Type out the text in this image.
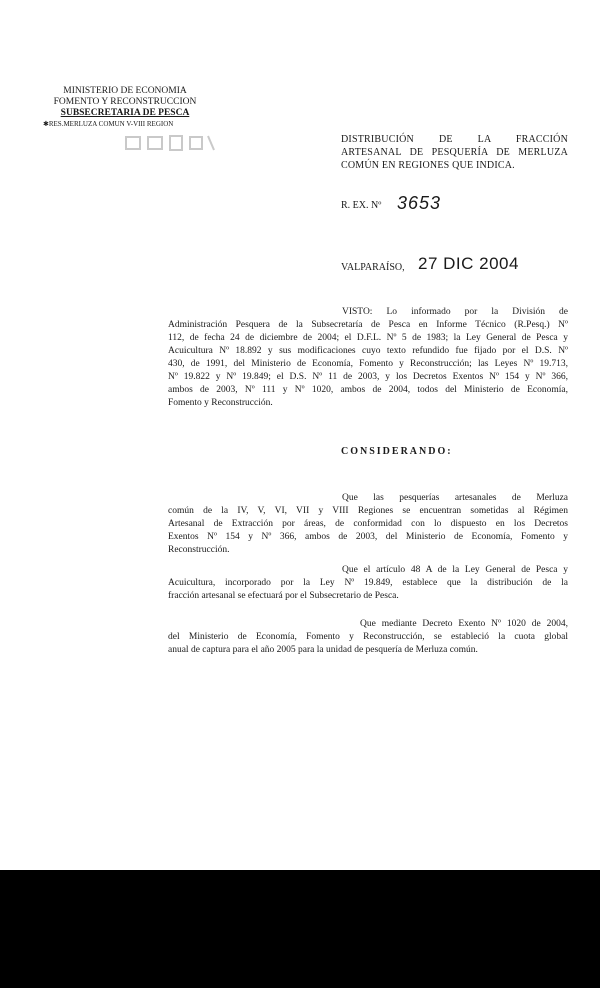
MINISTERIO DE ECONOMIA
FOMENTO Y RECONSTRUCCION
SUBSECRETARIA DE PESCA
✱RES.MERLUZA COMUN V-VIII REGION
DISTRIBUCIÓN DE LA FRACCIÓN
ARTESANAL DE PESQUERÍA DE MERLUZA
COMÚN EN REGIONES QUE INDICA.
R. EX. Nº 3653
VALPARAÍSO, 27 DIC 2004
VISTO: Lo informado por la División de
Administración Pesquera de la Subsecretaría de Pesca en Informe Técnico (R.Pesq.) Nº
112, de fecha 24 de diciembre de 2004; el D.F.L. Nº 5 de 1983; la Ley General de Pesca y
Acuicultura Nº 18.892 y sus modificaciones cuyo texto refundido fue fijado por el D.S. Nº
430, de 1991, del Ministerio de Economía, Fomento y Reconstrucción; las Leyes Nº 19.713,
Nº 19.822 y Nº 19.849; el D.S. Nº 11 de 2003, y los Decretos Exentos Nº 154 y Nº 366,
ambos de 2003, Nº 111 y Nº 1020, ambos de 2004, todos del Ministerio de Economía,
Fomento y Reconstrucción.
CONSIDERANDO:
Que las pesquerías artesanales de Merluza
común de la IV, V, VI, VII y VIII Regiones se encuentran sometidas al Régimen
Artesanal de Extracción por áreas, de conformidad con lo dispuesto en los Decretos
Exentos Nº 154 y Nº 366, ambos de 2003, del Ministerio de Economía, Fomento y
Reconstrucción.
Que el artículo 48 A de la Ley General de Pesca y
Acuicultura, incorporado por la Ley Nº 19.849, establece que la distribución de la
fracción artesanal se efectuará por el Subsecretario de Pesca.
Que mediante Decreto Exento Nº 1020 de 2004,
del Ministerio de Economía, Fomento y Reconstrucción, se estableció la cuota global
anual de captura para el año 2005 para la unidad de pesquería de Merluza común.
